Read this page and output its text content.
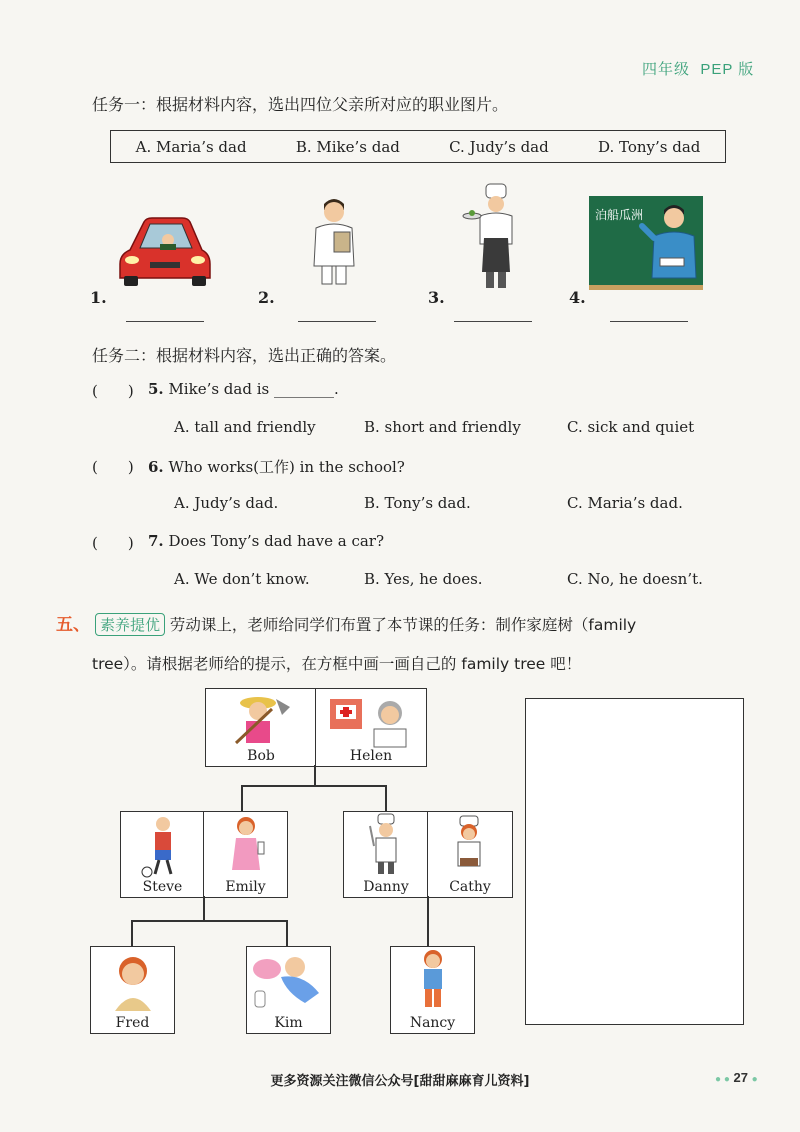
四年级 PEP 版
任务一：根据材料内容，选出四位父亲所对应的职业图片。
A. Maria’s dad	B. Mike’s dad	C. Judy’s dad	D. Tony’s dad
1.	2.	3.
泊船瓜洲
4.
任务二：根据材料内容，选出正确的答案。
(　　) 5. Mike’s dad is ________.
A. tall and friendly	B. short and friendly	C. sick and quiet
(　　) 6. Who works(工作) in the school?
A. Judy’s dad.	B. Tony’s dad.	C. Maria’s dad.
(　　) 7. Does Tony’s dad have a car?
A. We don’t know.	B. Yes, he does.	C. No, he doesn’t.
五、 素养提优 劳动课上，老师给同学们布置了本节课的任务：制作家庭树（family
tree）。请根据老师给的提示，在方框中画一画自己的 family tree 吧！
Bob	Helen
Steve	Emily	Danny	Cathy
Fred	Kim	Nancy
更多资源关注微信公众号[甜甜麻麻育儿资料]	● ● 27 ●
